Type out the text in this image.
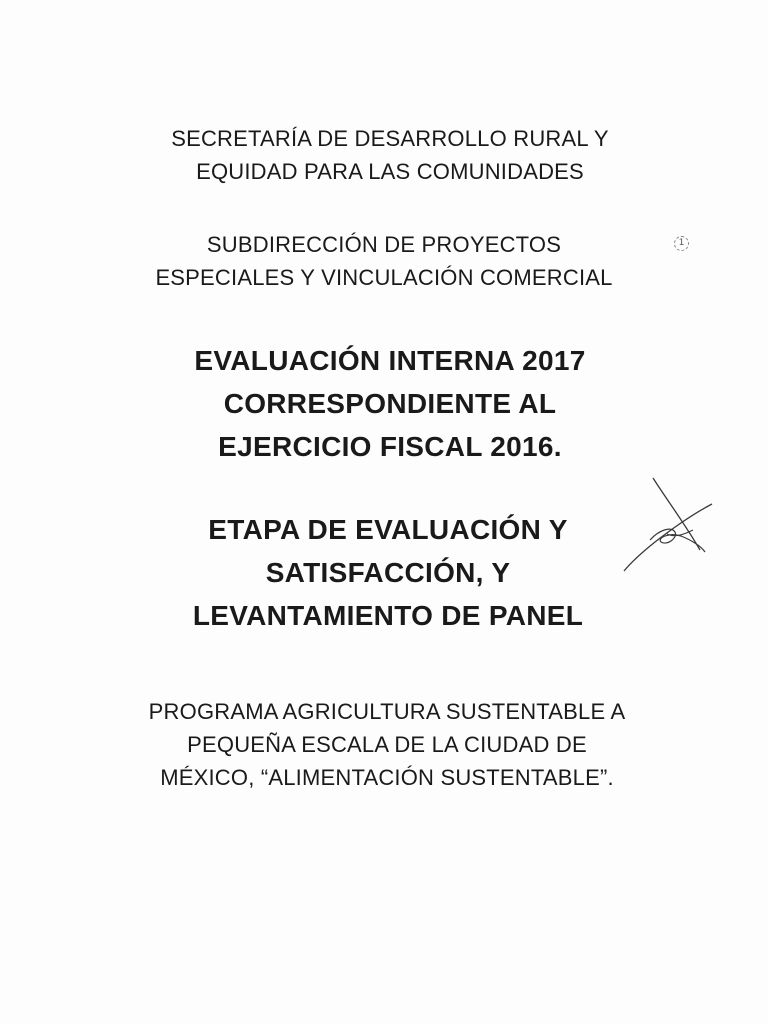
SECRETARÍA DE DESARROLLO RURAL Y
EQUIDAD PARA LAS COMUNIDADES
SUBDIRECCIÓN DE PROYECTOS
ESPECIALES Y VINCULACIÓN COMERCIAL
1
EVALUACIÓN INTERNA 2017
CORRESPONDIENTE AL
EJERCICIO FISCAL 2016.
ETAPA DE EVALUACIÓN Y
SATISFACCIÓN, Y
LEVANTAMIENTO DE PANEL
PROGRAMA AGRICULTURA SUSTENTABLE A
PEQUEÑA ESCALA DE LA CIUDAD DE
MÉXICO, “ALIMENTACIÓN SUSTENTABLE”.
